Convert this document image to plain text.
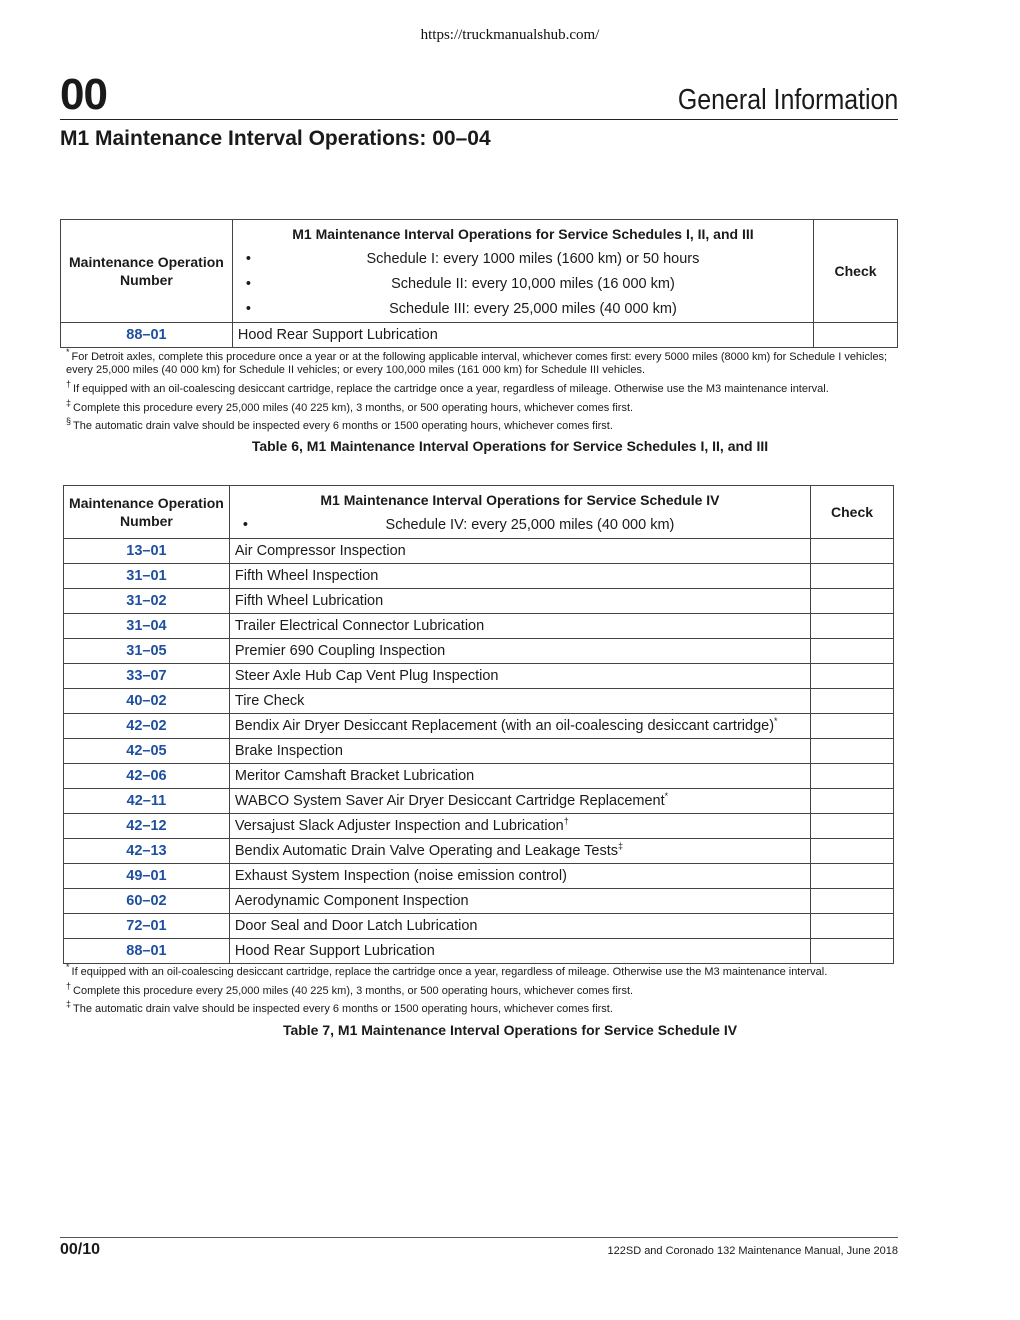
https://truckmanualshub.com/
00	General Information
M1 Maintenance Interval Operations: 00–04
Maintenance Operation Number	M1 Maintenance Interval Operations for Service Schedules I, II, and III
• Schedule I: every 1000 miles (1600 km) or 50 hours
• Schedule II: every 10,000 miles (16 000 km)
• Schedule III: every 25,000 miles (40 000 km)	Check
88–01	Hood Rear Support Lubrication	
* For Detroit axles, complete this procedure once a year or at the following applicable interval, whichever comes first: every 5000 miles (8000 km) for Schedule I vehicles; every 25,000 miles (40 000 km) for Schedule II vehicles; or every 100,000 miles (161 000 km) for Schedule III vehicles.
† If equipped with an oil-coalescing desiccant cartridge, replace the cartridge once a year, regardless of mileage. Otherwise use the M3 maintenance interval.
‡ Complete this procedure every 25,000 miles (40 225 km), 3 months, or 500 operating hours, whichever comes first.
§ The automatic drain valve should be inspected every 6 months or 1500 operating hours, whichever comes first.
Table 6, M1 Maintenance Interval Operations for Service Schedules I, II, and III
Maintenance Operation Number	M1 Maintenance Interval Operations for Service Schedule IV
• Schedule IV: every 25,000 miles (40 000 km)	Check
13–01	Air Compressor Inspection	
31–01	Fifth Wheel Inspection	
31–02	Fifth Wheel Lubrication	
31–04	Trailer Electrical Connector Lubrication	
31–05	Premier 690 Coupling Inspection	
33–07	Steer Axle Hub Cap Vent Plug Inspection	
40–02	Tire Check	
42–02	Bendix Air Dryer Desiccant Replacement (with an oil-coalescing desiccant cartridge)*	
42–05	Brake Inspection	
42–06	Meritor Camshaft Bracket Lubrication	
42–11	WABCO System Saver Air Dryer Desiccant Cartridge Replacement*	
42–12	Versajust Slack Adjuster Inspection and Lubrication†	
42–13	Bendix Automatic Drain Valve Operating and Leakage Tests‡	
49–01	Exhaust System Inspection (noise emission control)	
60–02	Aerodynamic Component Inspection	
72–01	Door Seal and Door Latch Lubrication	
88–01	Hood Rear Support Lubrication	
* If equipped with an oil-coalescing desiccant cartridge, replace the cartridge once a year, regardless of mileage. Otherwise use the M3 maintenance interval.
† Complete this procedure every 25,000 miles (40 225 km), 3 months, or 500 operating hours, whichever comes first.
‡ The automatic drain valve should be inspected every 6 months or 1500 operating hours, whichever comes first.
Table 7, M1 Maintenance Interval Operations for Service Schedule IV
00/10	122SD and Coronado 132 Maintenance Manual, June 2018
